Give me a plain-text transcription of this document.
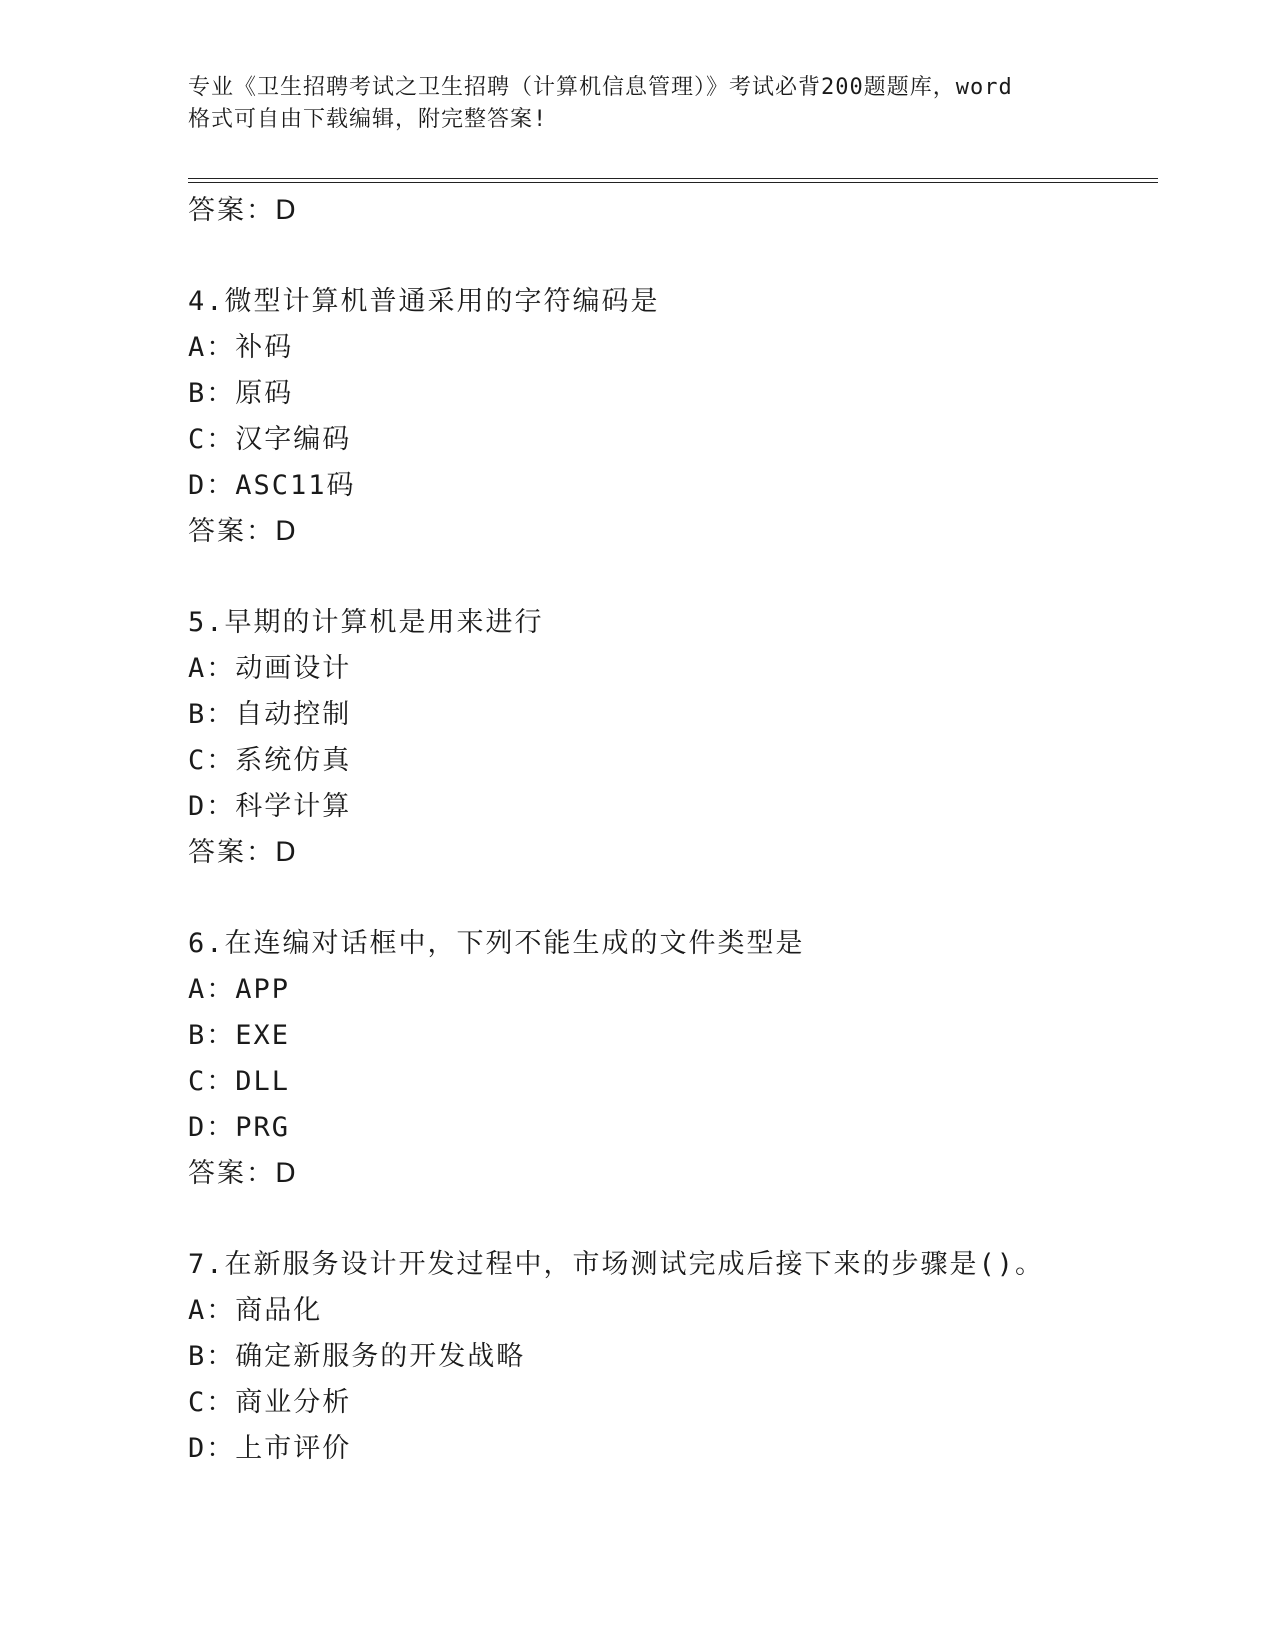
专业《卫生招聘考试之卫生招聘（计算机信息管理）》考试必背200题题库，word
格式可自由下载编辑，附完整答案!
答案：D
4.微型计算机普通采用的字符编码是
A：补码
B：原码
C：汉字编码
D：ASC11码
答案：D
5.早期的计算机是用来进行
A：动画设计
B：自动控制
C：系统仿真
D：科学计算
答案：D
6.在连编对话框中，下列不能生成的文件类型是
A：APP
B：EXE
C：DLL
D：PRG
答案：D
7.在新服务设计开发过程中，市场测试完成后接下来的步骤是()。
A：商品化
B：确定新服务的开发战略
C：商业分析
D：上市评价
